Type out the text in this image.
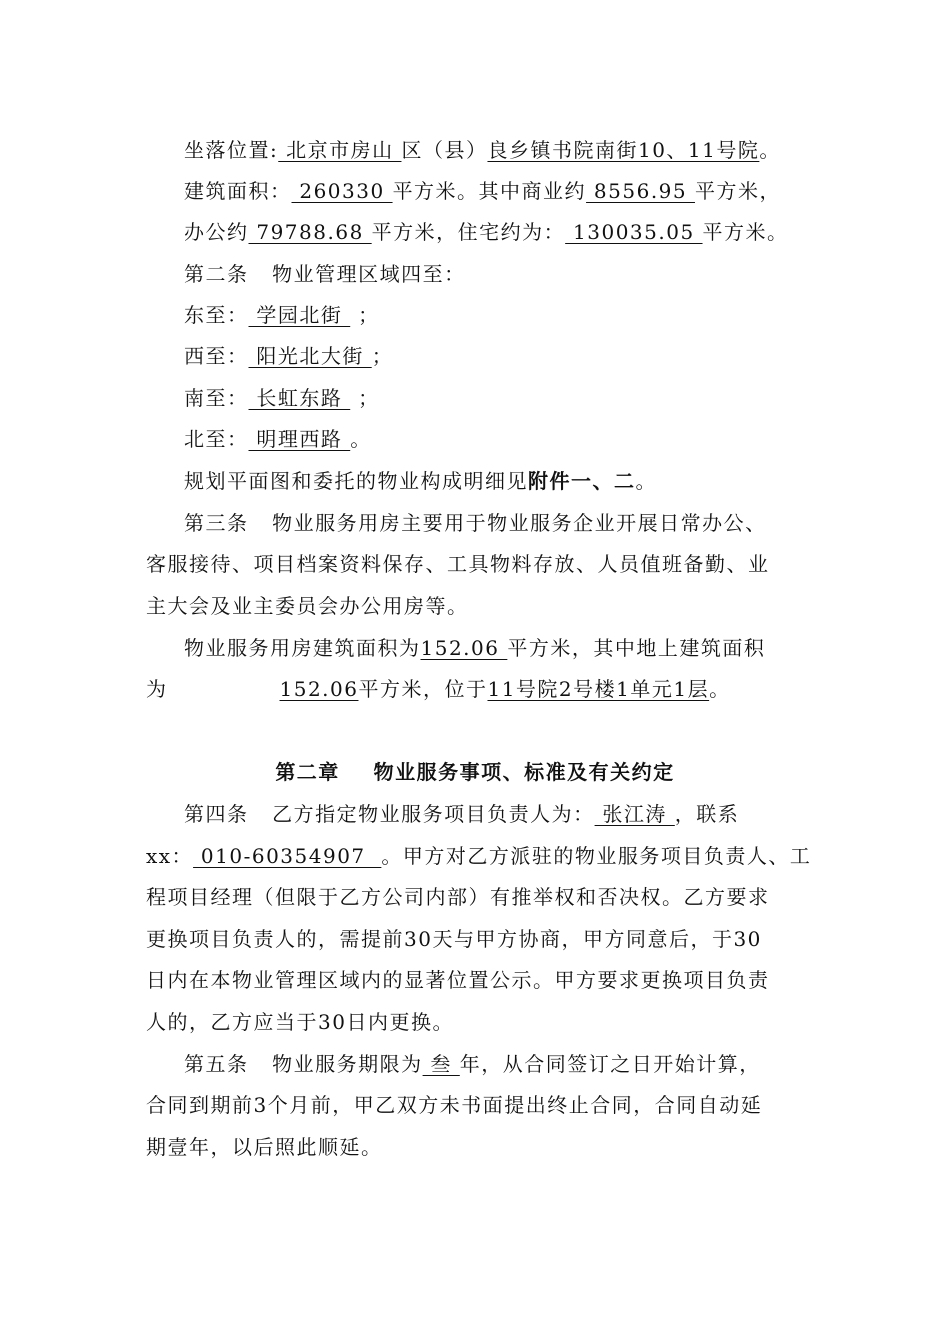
坐落位置: 北京市房山 区（县）良乡镇书院南街10、11号院。
建筑面积： 260330 平方米。其中商业约 8556.95 平方米，
办公约 79788.68 平方米，住宅约为： 130035.05 平方米。
第二条   物业管理区域四至：
东至： 学园北街  ；
西至： 阳光北大街 ；
南至： 长虹东路  ；
北至： 明理西路 。
规划平面图和委托的物业构成明细见附件一、二。
第三条   物业服务用房主要用于物业服务企业开展日常办公、
客服接待、项目档案资料保存、工具物料存放、人员值班备勤、业
主大会及业主委员会办公用房等。
物业服务用房建筑面积为152.06 平方米，其中地上建筑面积
为	152.06平方米，位于11号院2号楼1单元1层。
第二章    物业服务事项、标准及有关约定
第四条   乙方指定物业服务项目负责人为： 张江涛 ，联系
xx： 010-60354907  。甲方对乙方派驻的物业服务项目负责人、工
程项目经理（但限于乙方公司内部）有推举权和否决权。乙方要求
更换项目负责人的，需提前30天与甲方协商，甲方同意后，于30
日内在本物业管理区域内的显著位置公示。甲方要求更换项目负责
人的，乙方应当于30日内更换。
第五条   物业服务期限为 叁 年，从合同签订之日开始计算，
合同到期前3个月前，甲乙双方未书面提出终止合同，合同自动延
期壹年，以后照此顺延。
